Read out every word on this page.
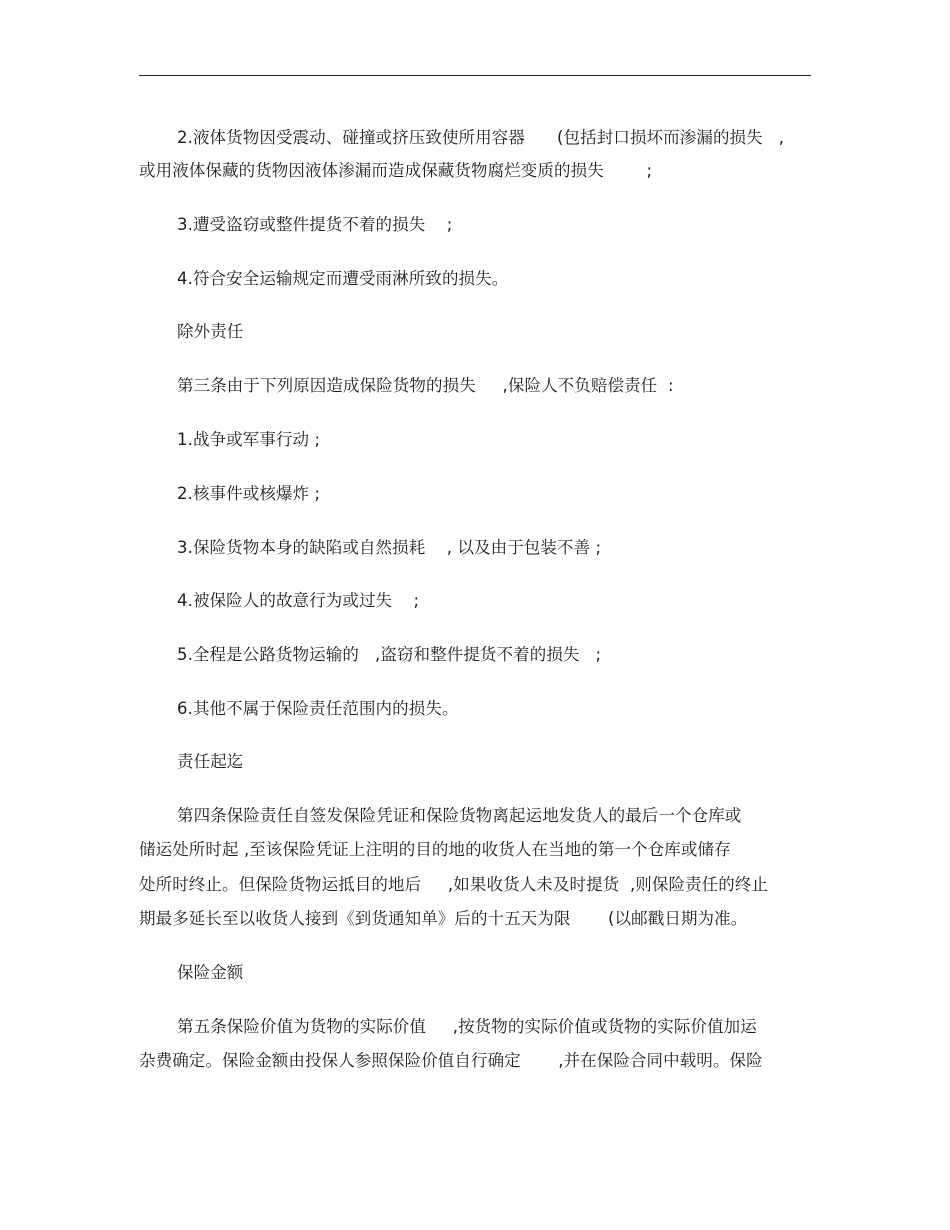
2.液体货物因受震动、碰撞或挤压致使所用容器      (包括封口损坏而渗漏的损失   ,

或用液体保藏的货物因液体渗漏而造成保藏货物腐烂变质的损失        ;

3.遭受盗窃或整件提货不着的损失    ;

4.符合安全运输规定而遭受雨淋所致的损失。

除外责任

第三条由于下列原因造成保险货物的损失     ,保险人不负赔偿责任  :

1.战争或军事行动 ;

2.核事件或核爆炸 ;

3.保险货物本身的缺陷或自然损耗    , 以及由于包装不善 ;

4.被保险人的故意行为或过失    ;

5.全程是公路货物运输的   ,盗窃和整件提货不着的损失   ;

6.其他不属于保险责任范围内的损失。

责任起迄

第四条保险责任自签发保险凭证和保险货物离起运地发货人的最后一个仓库或

储运处所时起 ,至该保险凭证上注明的目的地的收货人在当地的第一个仓库或储存

处所时终止。但保险货物运抵目的地后     ,如果收货人未及时提货  ,则保险责任的终止

期最多延长至以收货人接到《到货通知单》后的十五天为限       (以邮戳日期为准。

保险金额

第五条保险价值为货物的实际价值     ,按货物的实际价值或货物的实际价值加运

杂费确定。保险金额由投保人参照保险价值自行确定       ,并在保险合同中载明。保险
